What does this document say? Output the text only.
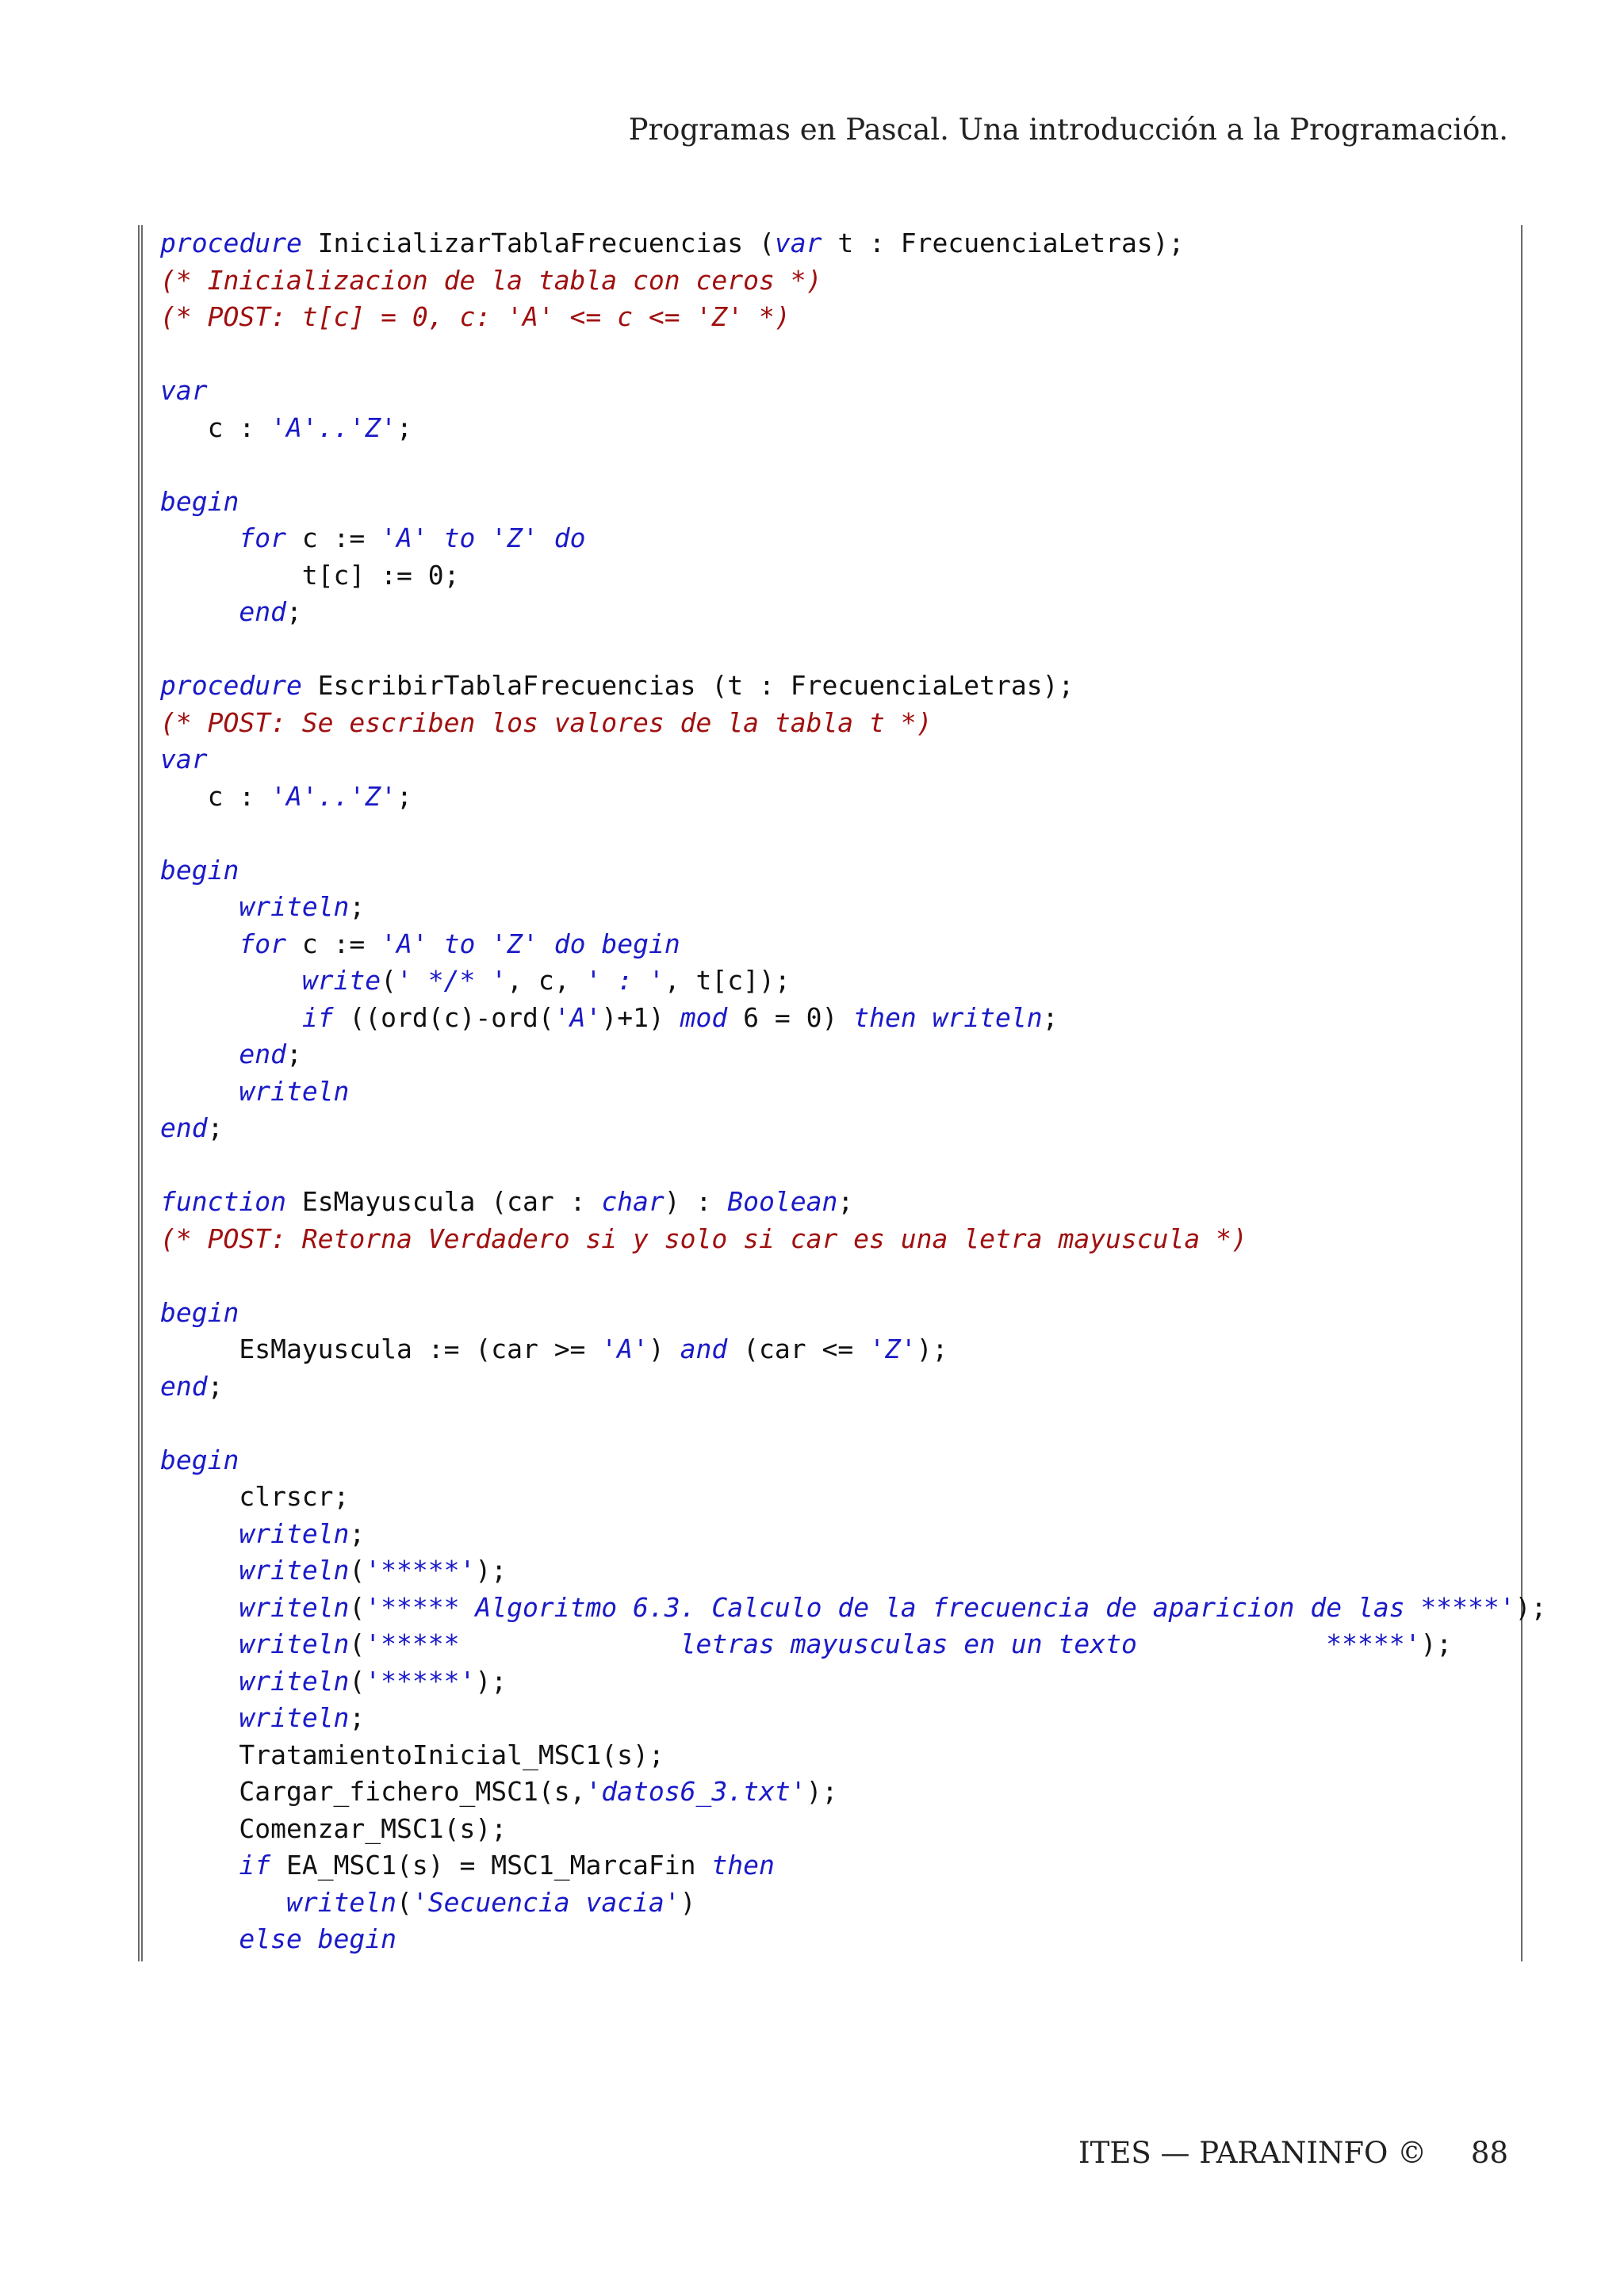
Programas en Pascal. Una introducción a la Programación.
procedure InicializarTablaFrecuencias (var t : FrecuenciaLetras);
(* Inicializacion de la tabla con ceros *)
(* POST: t[c] = 0, c: 'A' <= c <= 'Z' *)
var
c : 'A'..'Z';
begin
for c := 'A' to 'Z' do
t[c] := 0;
end;
procedure EscribirTablaFrecuencias (t : FrecuenciaLetras);
(* POST: Se escriben los valores de la tabla t *)
var
c : 'A'..'Z';
begin
writeln;
for c := 'A' to 'Z' do begin
write(' */* ', c, ' : ', t[c]);
if ((ord(c)-ord('A')+1) mod 6 = 0) then writeln;
end;
writeln
end;
function EsMayuscula (car : char) : Boolean;
(* POST: Retorna Verdadero si y solo si car es una letra mayuscula *)
begin
EsMayuscula := (car >= 'A') and (car <= 'Z');
end;
begin
clrscr;
writeln;
writeln('*****');
writeln('***** Algoritmo 6.3. Calculo de la frecuencia de aparicion de las *****');
writeln('*****              letras mayusculas en un texto            *****');
writeln('*****');
writeln;
TratamientoInicial_MSC1(s);
Cargar_fichero_MSC1(s,'datos6_3.txt');
Comenzar_MSC1(s);
if EA_MSC1(s) = MSC1_MarcaFin then
writeln('Secuencia vacia')
else begin
ITES — PARANINFO © 88
